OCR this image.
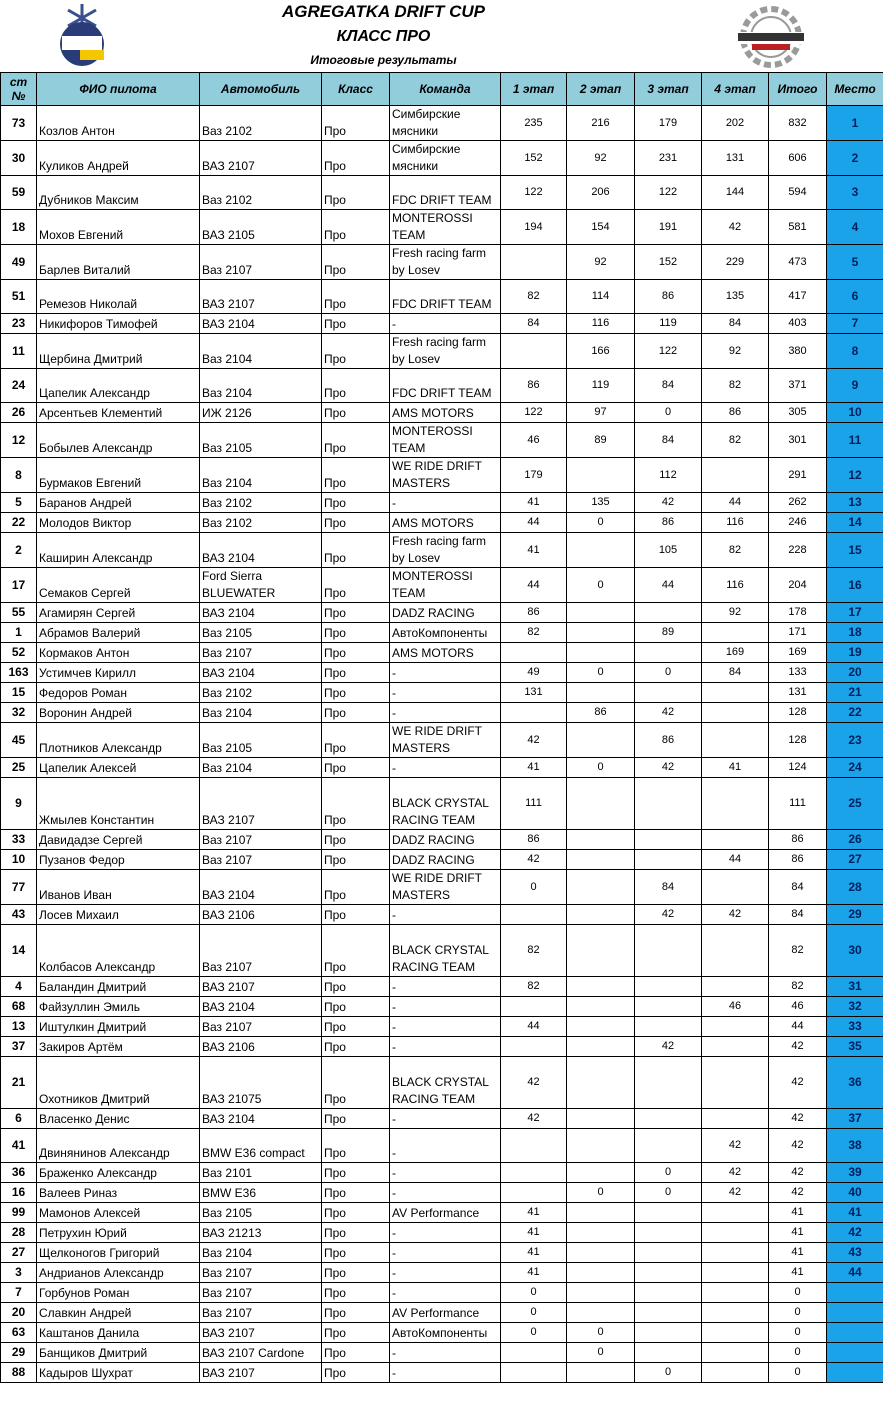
AGREGATKA DRIFT CUP
КЛАСС ПРО
Итоговые результаты
ст №	ФИО пилота	Автомобиль	Класс	Команда	1 этап	2 этап	3 этап	4 этап	Итого	Место
73	Козлов Антон	Ваз 2102	Про	Симбирские мясники	235	216	179	202	832	1
30	Куликов Андрей	ВАЗ 2107	Про	Симбирские мясники	152	92	231	131	606	2
59	Дубников Максим	Ваз 2102	Про	FDC DRIFT TEAM	122	206	122	144	594	3
18	Мохов Евгений	ВАЗ 2105	Про	MONTEROSSI TEAM	194	154	191	42	581	4
49	Барлев Виталий	Ваз 2107	Про	Fresh racing farm by Losev		92	152	229	473	5
51	Ремезов Николай	ВАЗ 2107	Про	FDC DRIFT TEAM	82	114	86	135	417	6
23	Никифоров Тимофей	ВАЗ 2104	Про	-	84	116	119	84	403	7
11	Щербина Дмитрий	Ваз 2104	Про	Fresh racing farm by Losev		166	122	92	380	8
24	Цапелик Александр	Ваз 2104	Про	FDC DRIFT TEAM	86	119	84	82	371	9
26	Арсентьев Клементий	ИЖ 2126	Про	AMS MOTORS	122	97	0	86	305	10
12	Бобылев Александр	Ваз 2105	Про	MONTEROSSI TEAM	46	89	84	82	301	11
8	Бурмаков Евгений	Ваз 2104	Про	WE RIDE DRIFT MASTERS	179		112		291	12
5	Баранов Андрей	Ваз 2102	Про	-	41	135	42	44	262	13
22	Молодов Виктор	Ваз 2102	Про	AMS MOTORS	44	0	86	116	246	14
2	Каширин Александр	ВАЗ 2104	Про	Fresh racing farm by Losev	41		105	82	228	15
17	Семаков Сергей	Ford Sierra BLUEWATER	Про	MONTEROSSI TEAM	44	0	44	116	204	16
55	Агамирян Сергей	ВАЗ 2104	Про	DADZ RACING	86			92	178	17
1	Абрамов Валерий	Ваз 2105	Про	АвтоКомпоненты	82		89		171	18
52	Кормаков Антон	Ваз 2107	Про	AMS MOTORS				169	169	19
163	Устимчев Кирилл	ВАЗ 2104	Про	-	49	0	0	84	133	20
15	Федоров Роман	Ваз 2102	Про	-	131				131	21
32	Воронин Андрей	Ваз 2104	Про	-		86	42		128	22
45	Плотников Александр	Ваз 2105	Про	WE RIDE DRIFT MASTERS	42		86		128	23
25	Цапелик Алексей	Ваз 2104	Про	-	41	0	42	41	124	24
9	Жмылев Константин	ВАЗ 2107	Про	BLACK CRYSTAL RACING TEAM	111				111	25
33	Давидадзе Сергей	Ваз 2107	Про	DADZ RACING	86				86	26
10	Пузанов Федор	Ваз 2107	Про	DADZ RACING	42			44	86	27
77	Иванов Иван	ВАЗ 2104	Про	WE RIDE DRIFT MASTERS	0		84		84	28
43	Лосев Михаил	ВАЗ 2106	Про	-			42	42	84	29
14	Колбасов Александр	Ваз 2107	Про	BLACK CRYSTAL RACING TEAM	82				82	30
4	Баландин Дмитрий	ВАЗ 2107	Про	-	82				82	31
68	Файзуллин Эмиль	ВАЗ 2104	Про	-				46	46	32
13	Иштулкин Дмитрий	Ваз 2107	Про	-	44				44	33
37	Закиров Артём	ВАЗ 2106	Про	-			42		42	35
21	Охотников Дмитрий	ВАЗ 21075	Про	BLACK CRYSTAL RACING TEAM	42				42	36
6	Власенко Денис	ВАЗ 2104	Про	-	42				42	37
41	Двинянинов Александр	BMW E36 compact	Про	-				42	42	38
36	Браженко Александр	Ваз 2101	Про	-			0	42	42	39
16	Валеев Риназ	BMW E36	Про	-		0	0	42	42	40
99	Мамонов Алексей	Ваз 2105	Про	AV Performance	41				41	41
28	Петрухин Юрий	ВАЗ 21213	Про	-	41				41	42
27	Щелконогов Григорий	Ваз 2104	Про	-	41				41	43
3	Андрианов Александр	Ваз 2107	Про	-	41				41	44
7	Горбунов Роман	Ваз 2107	Про	-	0				0	
20	Славкин Андрей	Ваз 2107	Про	AV Performance	0				0	
63	Каштанов Данила	ВАЗ 2107	Про	АвтоКомпоненты	0	0			0	
29	Банщиков Дмитрий	ВАЗ 2107 Cardone	Про	-		0			0	
88	Кадыров Шухрат	ВАЗ 2107	Про	-			0		0	
